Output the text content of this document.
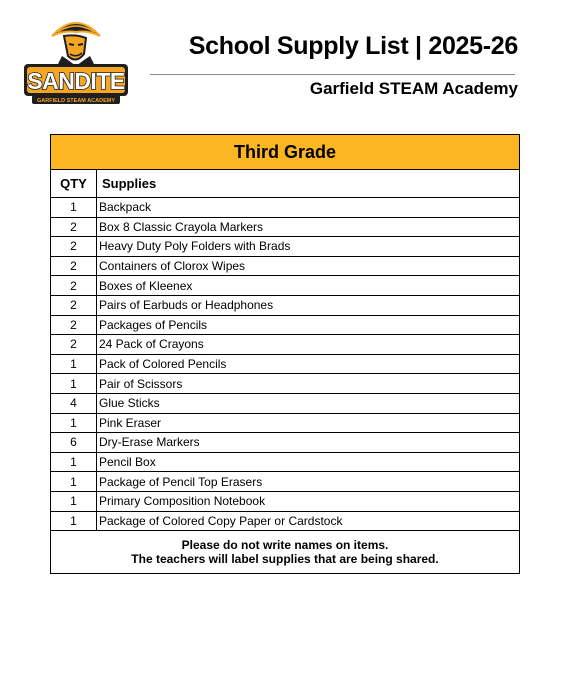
SANDITE
GARFIELD STEAM ACADEMY
School Supply List | 2025-26
Garfield STEAM Academy
Third Grade	
QTY	Supplies
1	Backpack
2	Box 8 Classic Crayola Markers
2	Heavy Duty Poly Folders with Brads
2	Containers of Clorox Wipes
2	Boxes of Kleenex
2	Pairs of Earbuds or Headphones
2	Packages of Pencils
2	24 Pack of Crayons
1	Pack of Colored Pencils
1	Pair of Scissors
4	Glue Sticks
1	Pink Eraser
6	Dry-Erase Markers
1	Pencil Box
1	Package of Pencil Top Erasers
1	Primary Composition Notebook
1	Package of Colored Copy Paper or Cardstock

Please do not write names on items.
The teachers will label supplies that are being shared.	
